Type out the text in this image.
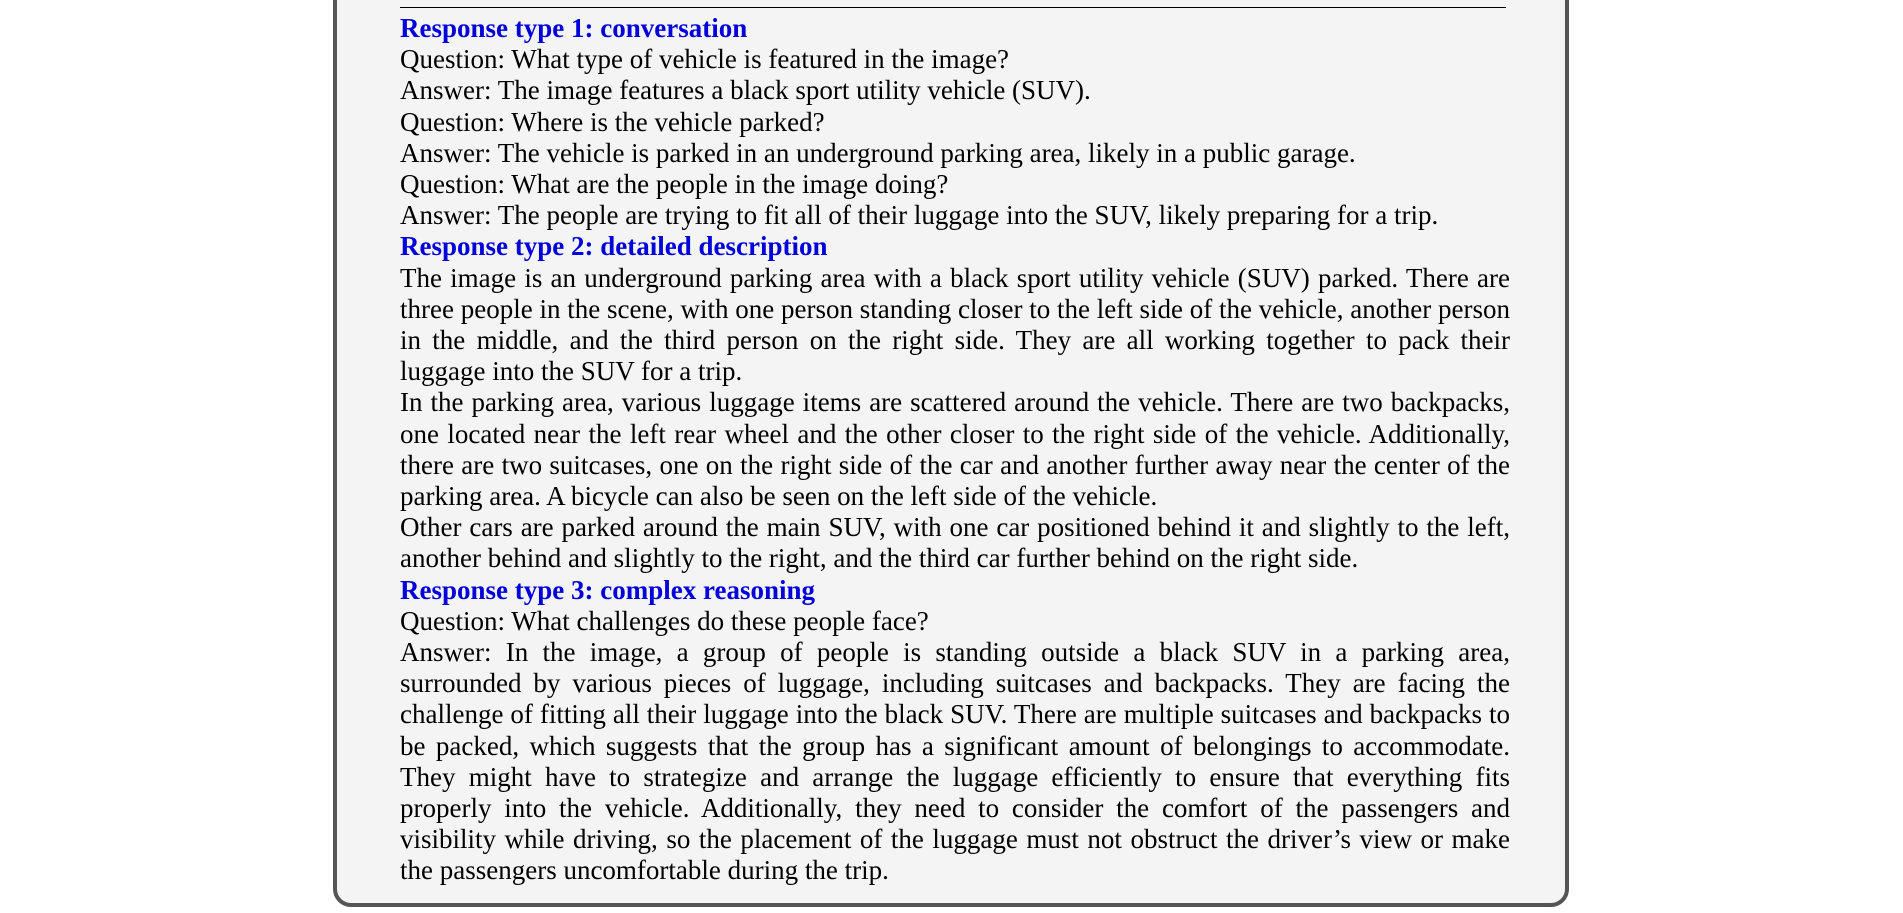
Response type 1: conversation

Question: What type of vehicle is featured in the image?

Answer: The image features a black sport utility vehicle (SUV).

Question: Where is the vehicle parked?

Answer: The vehicle is parked in an underground parking area, likely in a public garage.

Question: What are the people in the image doing?

Answer: The people are trying to fit all of their luggage into the SUV, likely preparing for a trip.

Response type 2: detailed description

The image is an underground parking area with a black sport utility vehicle (SUV) parked. There are three people in the scene, with one person standing closer to the left side of the vehicle, another person in the middle, and the third person on the right side. They are all working together to pack their luggage into the SUV for a trip.

In the parking area, various luggage items are scattered around the vehicle. There are two backpacks, one located near the left rear wheel and the other closer to the right side of the vehicle. Additionally, there are two suitcases, one on the right side of the car and another further away near the center of the parking area. A bicycle can also be seen on the left side of the vehicle.

Other cars are parked around the main SUV, with one car positioned behind it and slightly to the left, another behind and slightly to the right, and the third car further behind on the right side.

Response type 3: complex reasoning

Question: What challenges do these people face?

Answer: In the image, a group of people is standing outside a black SUV in a parking area, surrounded by various pieces of luggage, including suitcases and backpacks. They are facing the challenge of fitting all their luggage into the black SUV. There are multiple suitcases and backpacks to be packed, which suggests that the group has a significant amount of belongings to accommodate. They might have to strategize and arrange the luggage efficiently to ensure that everything fits properly into the vehicle. Additionally, they need to consider the comfort of the passengers and visibility while driving, so the placement of the luggage must not obstruct the driver’s view or make the passengers uncomfortable during the trip.
